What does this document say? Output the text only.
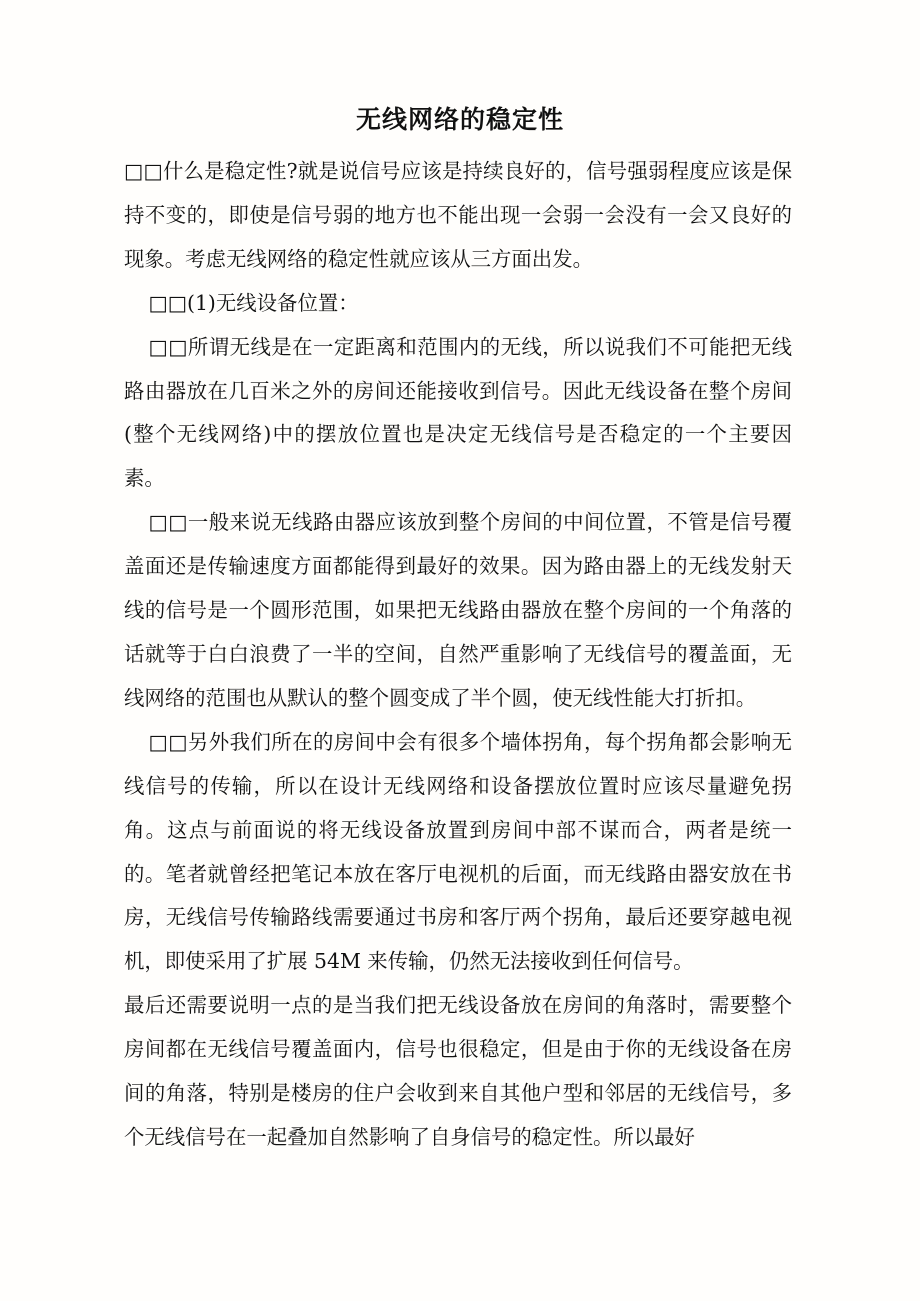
无线网络的稳定性

□□什么是稳定性?就是说信号应该是持续良好的，信号强弱程度应该是保持不变的，即使是信号弱的地方也不能出现一会弱一会没有一会又良好的现象。考虑无线网络的稳定性就应该从三方面出发。

□□(1)无线设备位置：

□□所谓无线是在一定距离和范围内的无线，所以说我们不可能把无线路由器放在几百米之外的房间还能接收到信号。因此无线设备在整个房间(整个无线网络)中的摆放位置也是决定无线信号是否稳定的一个主要因素。

□□一般来说无线路由器应该放到整个房间的中间位置，不管是信号覆盖面还是传输速度方面都能得到最好的效果。因为路由器上的无线发射天线的信号是一个圆形范围，如果把无线路由器放在整个房间的一个角落的话就等于白白浪费了一半的空间，自然严重影响了无线信号的覆盖面，无线网络的范围也从默认的整个圆变成了半个圆，使无线性能大打折扣。

□□另外我们所在的房间中会有很多个墙体拐角，每个拐角都会影响无线信号的传输，所以在设计无线网络和设备摆放位置时应该尽量避免拐角。这点与前面说的将无线设备放置到房间中部不谋而合，两者是统一的。笔者就曾经把笔记本放在客厅电视机的后面，而无线路由器安放在书房，无线信号传输路线需要通过书房和客厅两个拐角，最后还要穿越电视机，即使采用了扩展 54M 来传输，仍然无法接收到任何信号。

最后还需要说明一点的是当我们把无线设备放在房间的角落时，需要整个房间都在无线信号覆盖面内，信号也很稳定，但是由于你的无线设备在房间的角落，特别是楼房的住户会收到来自其他户型和邻居的无线信号，多个无线信号在一起叠加自然影响了自身信号的稳定性。所以最好
